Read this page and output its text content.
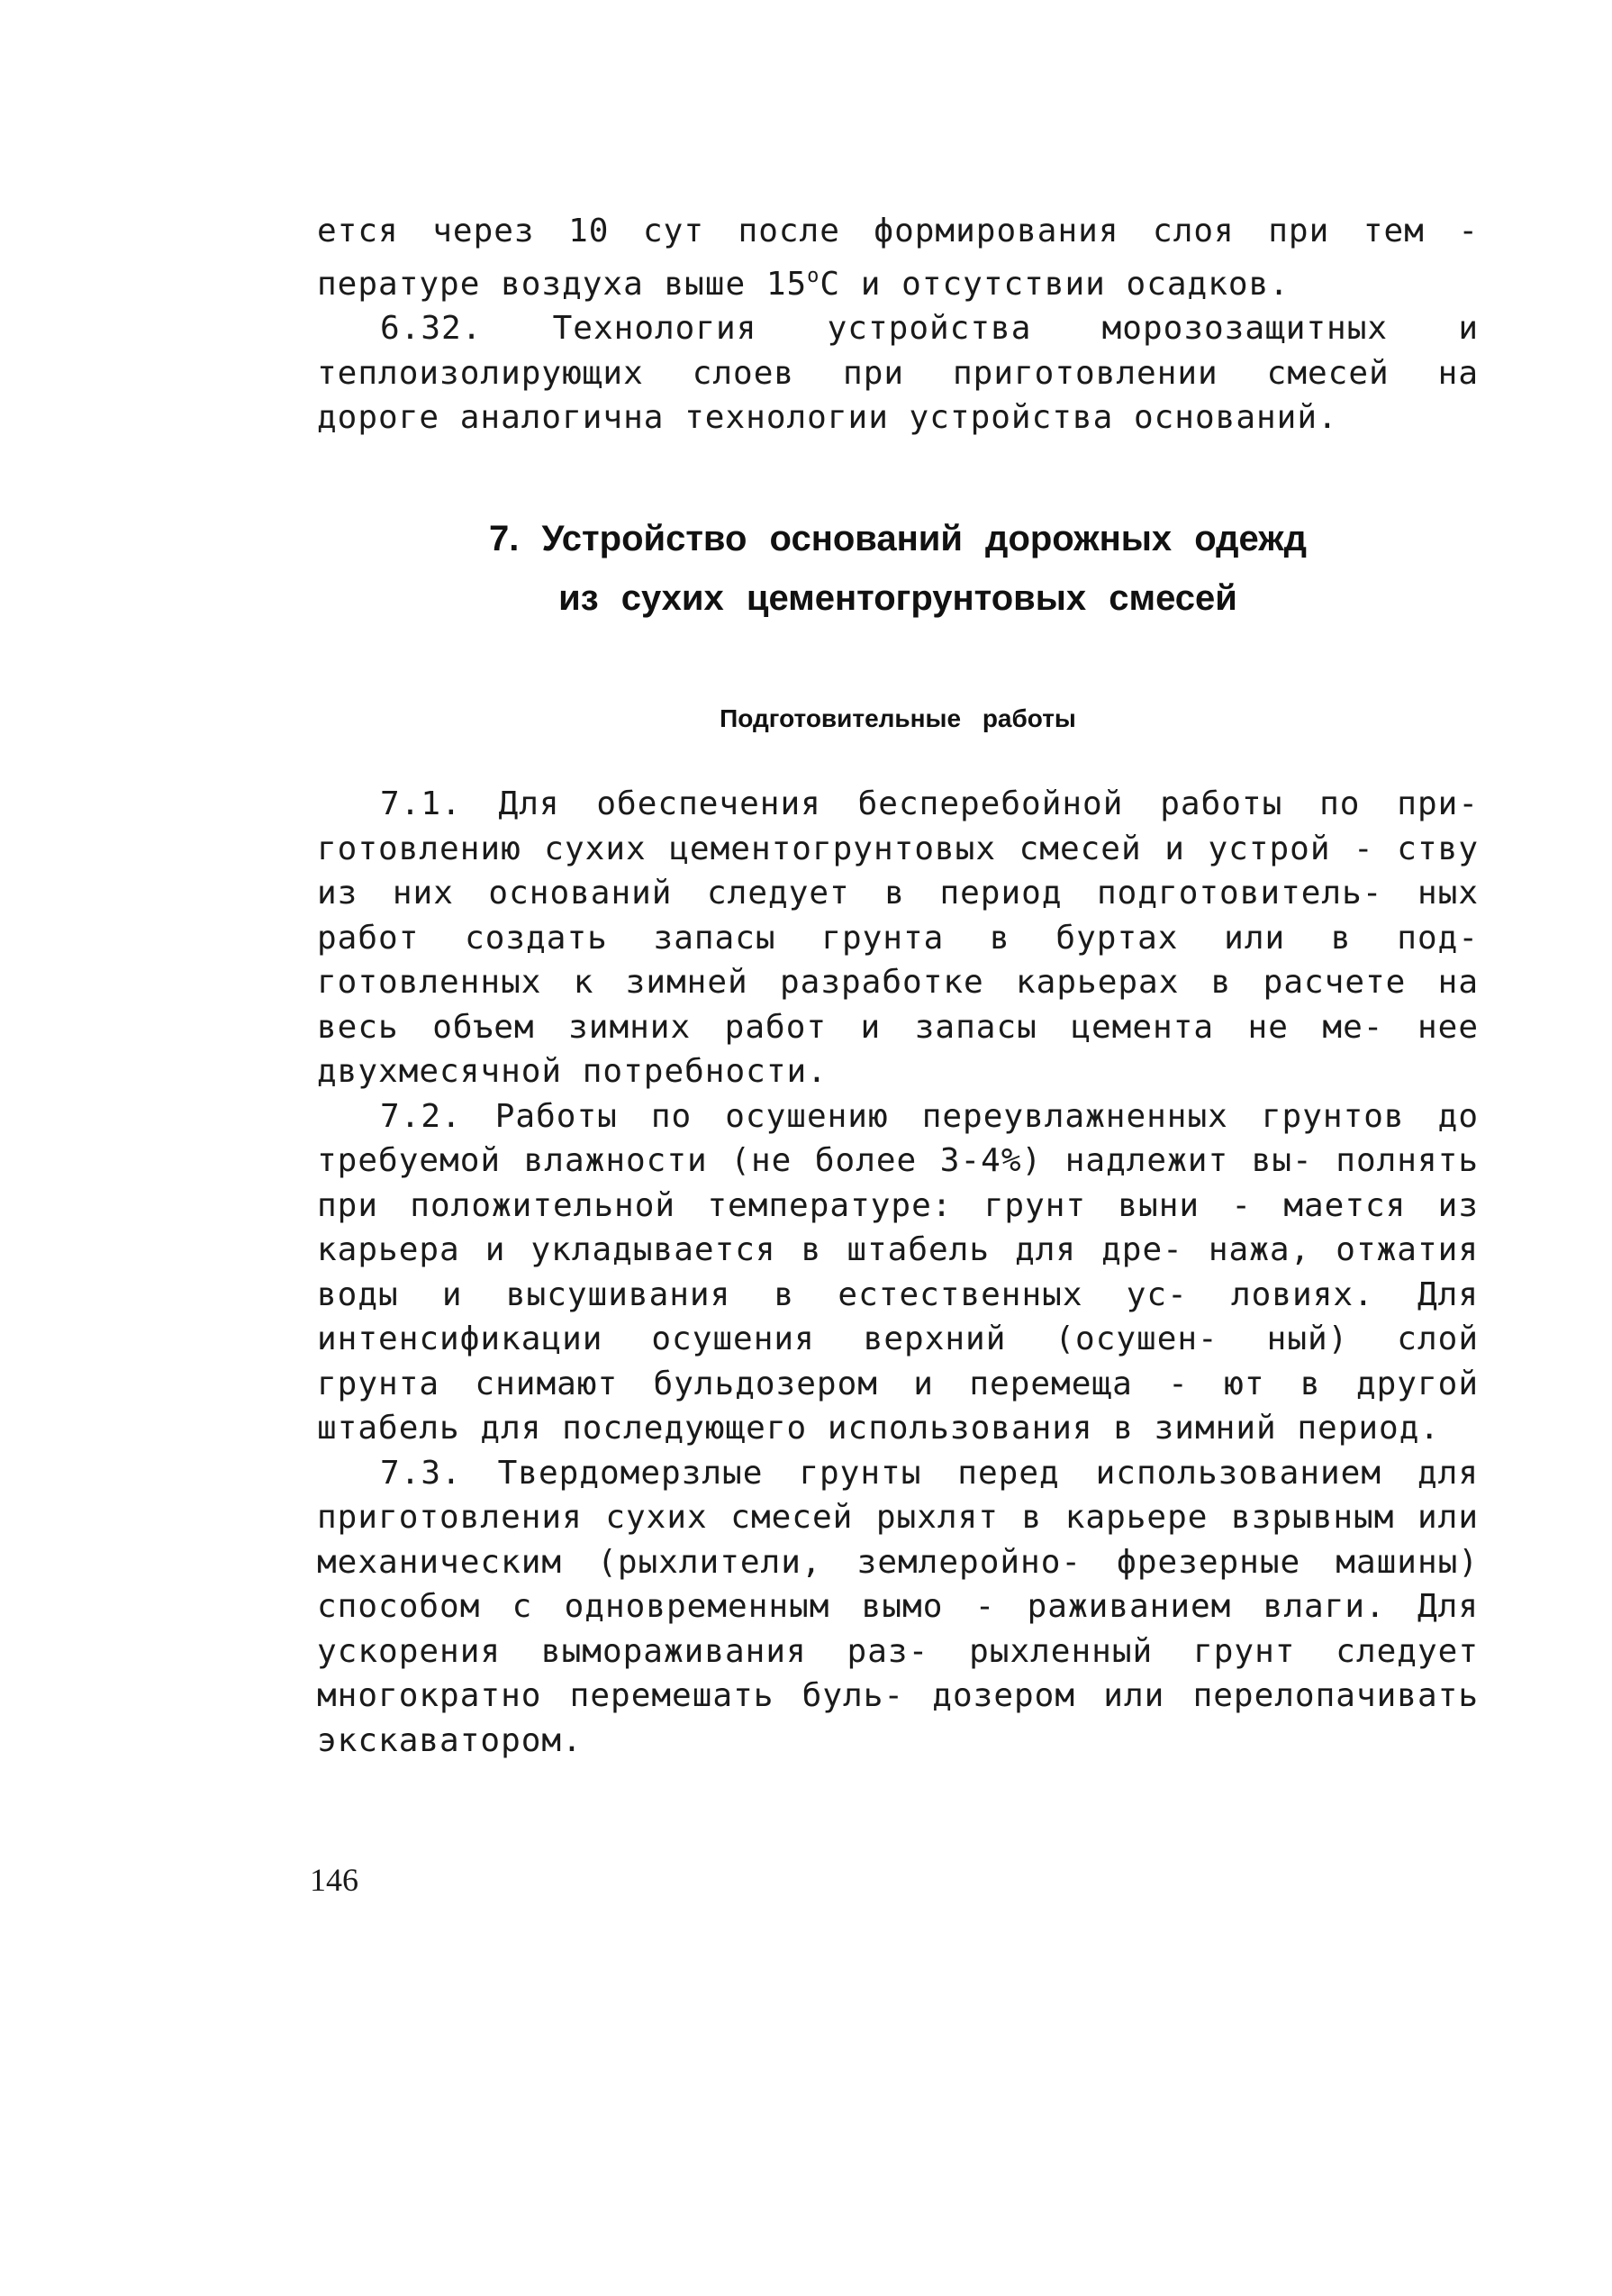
ется через 10 сут после формирования слоя при тем - пературе воздуха выше $15^оС$ и отсутствии осадков.

6.32. Технология устройства морозозащитных и теплоизолирующих слоев при приготовлении смесей на дороге аналогична технологии устройства оснований.

7. Устройство оснований дорожных одежд
из сухих цементогрунтовых смесей
Подготовительные работы

7.1. Для обеспечения бесперебойной работы по при- готовлению сухих цементогрунтовых смесей и устрой - ству из них оснований следует в период подготовитель- ных работ создать запасы грунта в буртах или в под- готовленных к зимней разработке карьерах в расчете на весь объем зимних работ и запасы цемента не ме- нее двухмесячной потребности.

7.2. Работы по осушению переувлажненных грунтов до требуемой влажности (не более 3-4%) надлежит вы- полнять при положительной температуре: грунт выни - мается из карьера и укладывается в штабель для дре- нажа, отжатия воды и высушивания в естественных ус- ловиях. Для интенсификации осушения верхний (осушен- ный) слой грунта снимают бульдозером и перемеща - ют в другой штабель для последующего использования в зимний период.

7.3. Твердомерзлые грунты перед использованием для приготовления сухих смесей рыхлят в карьере взрывным или механическим (рыхлители, землеройно- фрезерные машины) способом с одновременным вымо - раживанием влаги. Для ускорения вымораживания раз- рыхленный грунт следует многократно перемешать буль- дозером или перелопачивать экскаватором.

146
